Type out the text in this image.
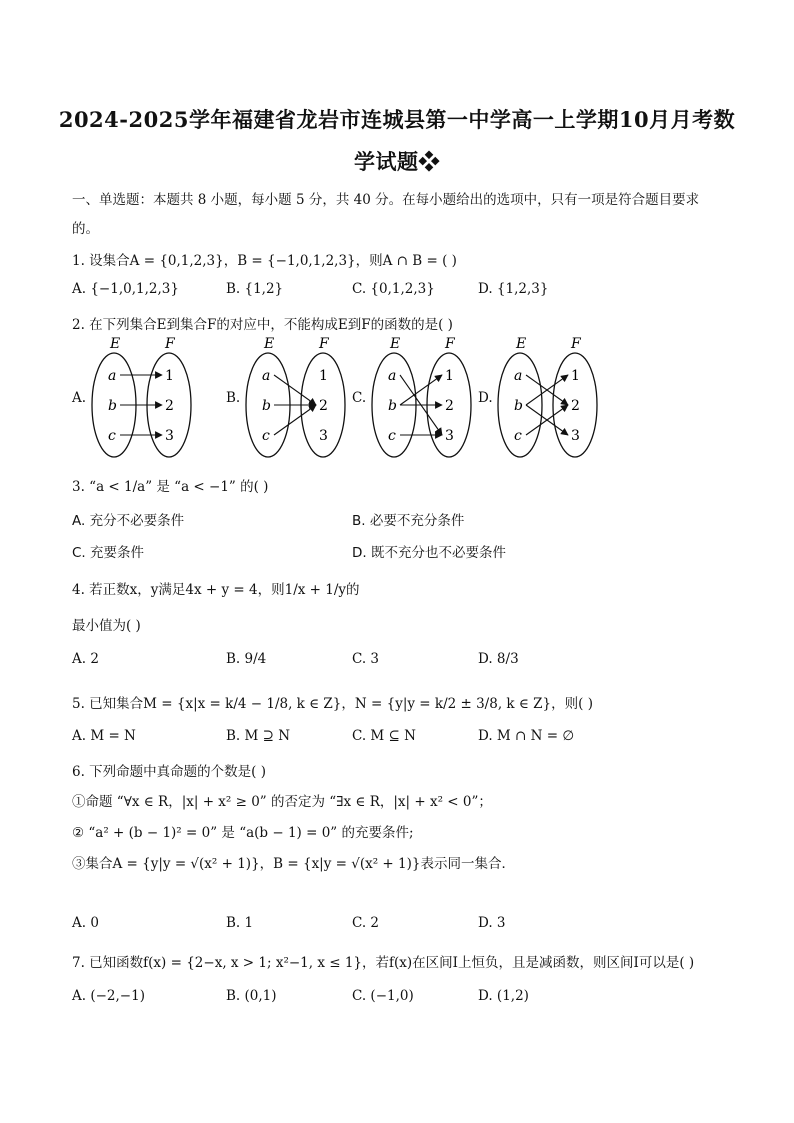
2024-2025学年福建省龙岩市连城县第一中学高一上学期10月月考数
学试题❖
一、单选题：本题共 8 小题，每小题 5 分，共 40 分。在每小题给出的选项中，只有一项是符合题目要求
的。
1. 设集合A = {0,1,2,3}，B = {−1,0,1,2,3}，则A ∩ B = ( )
A. {−1,0,1,2,3}	B. {1,2}	C. {0,1,2,3}	D. {1,2,3}
2. 在下列集合E到集合F的对应中，不能构成E到F的函数的是( )
A.	B.	C.	D.
E	F
a
b
c
1
2
3
E	F
a
b
c
1
2
3
E	F
a
b
c
1
2
3
E	F
a
b
c
1
2
3
3. “a < 1/a” 是 “a < −1” 的( )
A. 充分不必要条件	B. 必要不充分条件
C. 充要条件	D. 既不充分也不必要条件
4. 若正数x，y满足4x + y = 4，则1/x + 1/y的
最小值为( )
A. 2	B. 9/4	C. 3	D. 8/3
5. 已知集合M = {x|x = k/4 − 1/8, k ∈ Z}，N = {y|y = k/2 ± 3/8, k ∈ Z}，则( )
A. M = N	B. M ⊇ N	C. M ⊆ N	D. M ∩ N = ∅
6. 下列命题中真命题的个数是( )
①命题 “∀x ∈ R，|x| + x² ≥ 0” 的否定为 “∃x ∈ R，|x| + x² < 0”；
② “a² + (b − 1)² = 0” 是 “a(b − 1) = 0” 的充要条件;
③集合A = {y|y = √(x² + 1)}，B = {x|y = √(x² + 1)}表示同一集合．
A. 0	B. 1	C. 2	D. 3
7. 已知函数f(x) = {2−x, x > 1; x²−1, x ≤ 1}，若f(x)在区间I上恒负，且是减函数，则区间I可以是( )
A. (−2,−1)	B. (0,1)	C. (−1,0)	D. (1,2)
